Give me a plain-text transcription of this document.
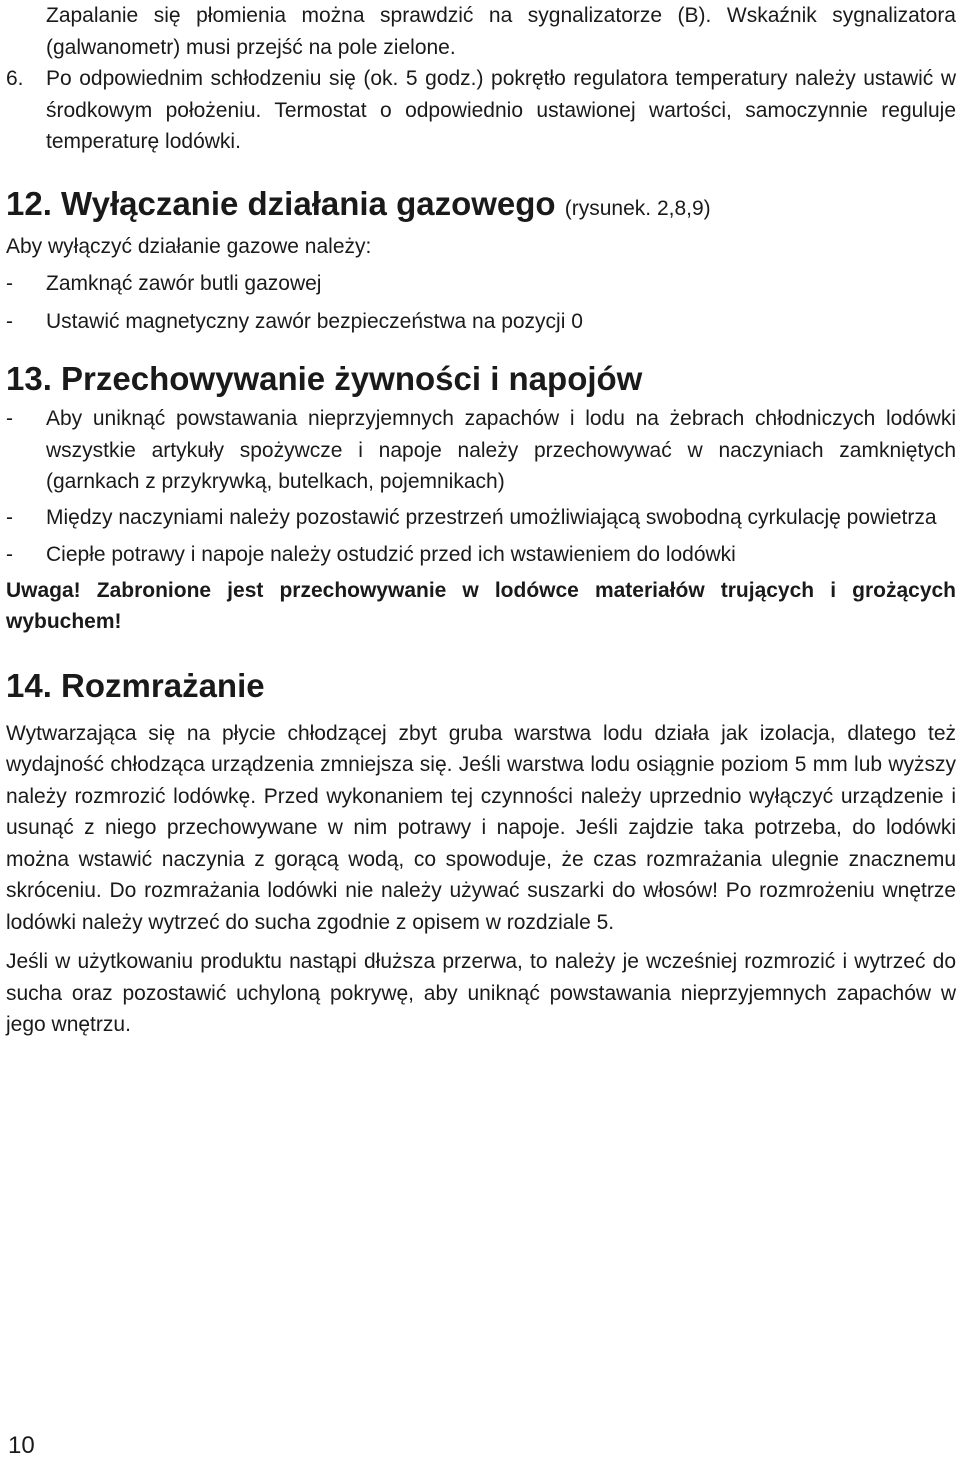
Zapalanie się płomienia można sprawdzić na sygnalizatorze (B). Wskaźnik sygnalizatora (galwanometr) musi przejść na pole zielone.

6.	Po odpowiednim schłodzeniu się (ok. 5 godz.) pokrętło regulatora temperatury należy ustawić w środkowym położeniu. Termostat o odpowiednio ustawionej wartości, samoczynnie reguluje temperaturę lodówki.

12. Wyłączanie działania gazowego (rysunek. 2,8,9)

Aby wyłączyć działanie gazowe należy:

-	Zamknąć zawór butli gazowej
-	Ustawić magnetyczny zawór bezpieczeństwa na pozycji 0
13. Przechowywanie żywności i napojów
-	Aby uniknąć powstawania nieprzyjemnych zapachów i lodu na żebrach chłodniczych lodówki wszystkie artykuły spożywcze i napoje należy przechowywać w naczyniach zamkniętych (garnkach z przykrywką, butelkach, pojemnikach)
-	Między naczyniami należy pozostawić przestrzeń umożliwiającą swobodną cyrkulację powietrza
-	Ciepłe potrawy i napoje należy ostudzić przed ich wstawieniem do lodówki

Uwaga! Zabronione jest przechowywanie w lodówce materiałów trujących i grożących wybuchem!

14. Rozmrażanie

Wytwarzająca się na płycie chłodzącej zbyt gruba warstwa lodu działa jak izolacja, dlatego też wydajność chłodząca urządzenia zmniejsza się. Jeśli warstwa lodu osiągnie poziom 5 mm lub wyższy należy rozmrozić lodówkę. Przed wykonaniem tej czynności należy uprzednio wyłączyć urządzenie i usunąć z niego przechowywane w nim potrawy i napoje. Jeśli zajdzie taka potrzeba, do lodówki można wstawić naczynia z gorącą wodą, co spowoduje, że czas rozmrażania ulegnie znacznemu skróceniu. Do rozmrażania lodówki nie należy używać suszarki do włosów! Po rozmrożeniu wnętrze lodówki należy wytrzeć do sucha zgodnie z opisem w rozdziale 5.

Jeśli w użytkowaniu produktu nastąpi dłuższa przerwa, to należy je wcześniej rozmrozić i wytrzeć do sucha oraz pozostawić uchyloną pokrywę, aby uniknąć powstawania nieprzyjemnych zapachów w jego wnętrzu.

10
